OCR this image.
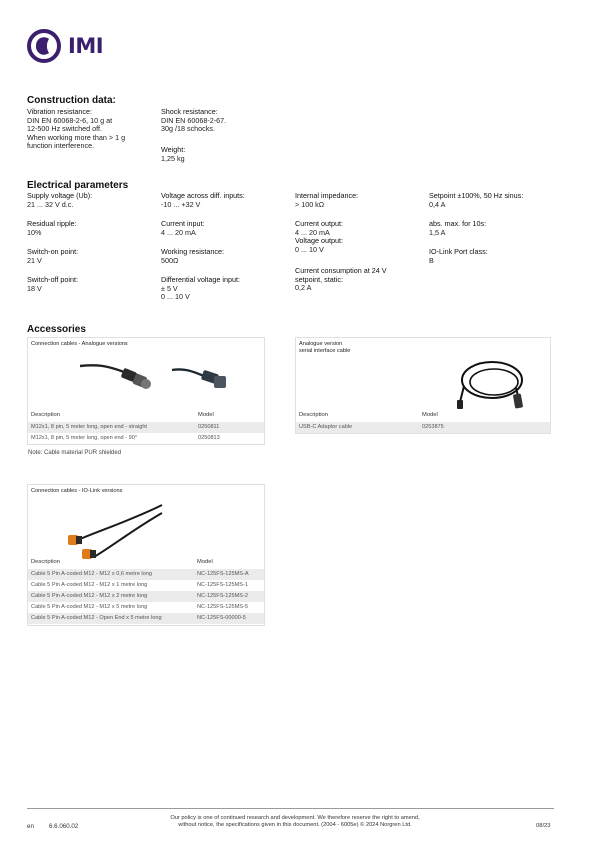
IMI
Construction data:
Vibration resistance:
DIN EN 60068-2-6, 10 g at
12-500 Hz switched off.
When working more than > 1 g
function interference.
Shock resistance:
DIN EN 60068-2-67.
30g /18 schocks.
Weight:
1,25 kg
Electrical parameters
Supply voltage (Ub):
21 ... 32 V d.c.
Residual ripple:
10%
Switch-on point:
21 V
Switch-off point:
18 V
Voltage across diff. inputs:
-10 ... +32 V
Current input:
4 ... 20 mA
Working resistance:
500Ω
Differential voltage input:
± 5 V
0 ... 10 V
Internal impedance:
> 100 kΩ
Current output:
4 ... 20 mA
Voltage output:
0 ... 10 V
Current consumption at 24 V
setpoint, static:
0,2 A
Setpoint ±100%, 50 Hz sinus:
0,4 A
abs. max. for 10s:
1,5 A
IO-Link Port class:
B
Accessories
Connection cables - Analogue versions
Description	Model
M12x1, 8 pin, 5 meter long, open end - straight	0250811
M12x1, 8 pin, 5 meter long, open end - 90°	0250813
Note: Cable material PUR shielded
Analogue version
serial interface cable
Description	Model
USB-C Adaptor cable	0253875
Connection cables - IO-Link versions
Description	Model
Cable 5 Pin A-coded M12 - M12 x 0,6 metre long	NC-125FS-125MS-A
Cable 5 Pin A-coded M12 - M12 x 1 metre long	NC-125FS-125MS-1
Cable 5 Pin A-coded M12 - M12 x 2 metre long	NC-125FS-125MS-2
Cable 5 Pin A-coded M12 - M12 x 5 metre long	NC-125FS-125MS-5
Cable 5 Pin A-coded M12 - Open End x 5 metre long	NC-125FS-00000-5
en 6.6.060.02
Our policy is one of continued research and development. We therefore reserve the right to amend,
without notice, the specifications given in this document. (2004 - 6005e) © 2024 Norgren Ltd.	08/23
